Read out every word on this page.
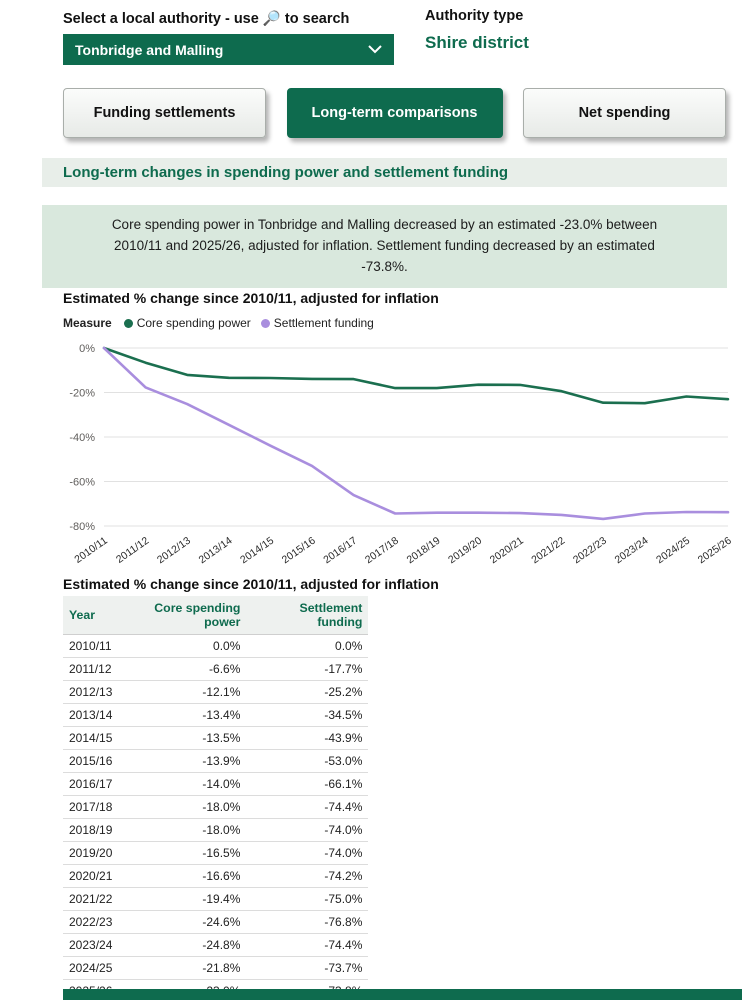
Select a local authority - use 🔎 to search
Tonbridge and Malling
Authority type
Shire district
Funding settlements	Long-term comparisons	Net spending
Long-term changes in spending power and settlement funding

Core spending power in Tonbridge and Malling decreased by an estimated -23.0% between 2010/11 and 2025/26, adjusted for inflation. Settlement funding decreased by an estimated -73.8%.

Estimated % change since 2010/11, adjusted for inflation
Measure Core spending power Settlement funding
0%
-20%
-40%
-60%
-80%
2010/11 2011/12 2012/13 2013/14 2014/15 2015/16 2016/17 2017/18 2018/19 2019/20 2020/21 2021/22 2022/23 2023/24 2024/25 2025/26
Estimated % change since 2010/11, adjusted for inflation
Year	Core spending power	Settlement funding
2010/11	0.0%	0.0%
2011/12	-6.6%	-17.7%
2012/13	-12.1%	-25.2%
2013/14	-13.4%	-34.5%
2014/15	-13.5%	-43.9%
2015/16	-13.9%	-53.0%
2016/17	-14.0%	-66.1%
2017/18	-18.0%	-74.4%
2018/19	-18.0%	-74.0%
2019/20	-16.5%	-74.0%
2020/21	-16.6%	-74.2%
2021/22	-19.4%	-75.0%
2022/23	-24.6%	-76.8%
2023/24	-24.8%	-74.4%
2024/25	-21.8%	-73.7%
